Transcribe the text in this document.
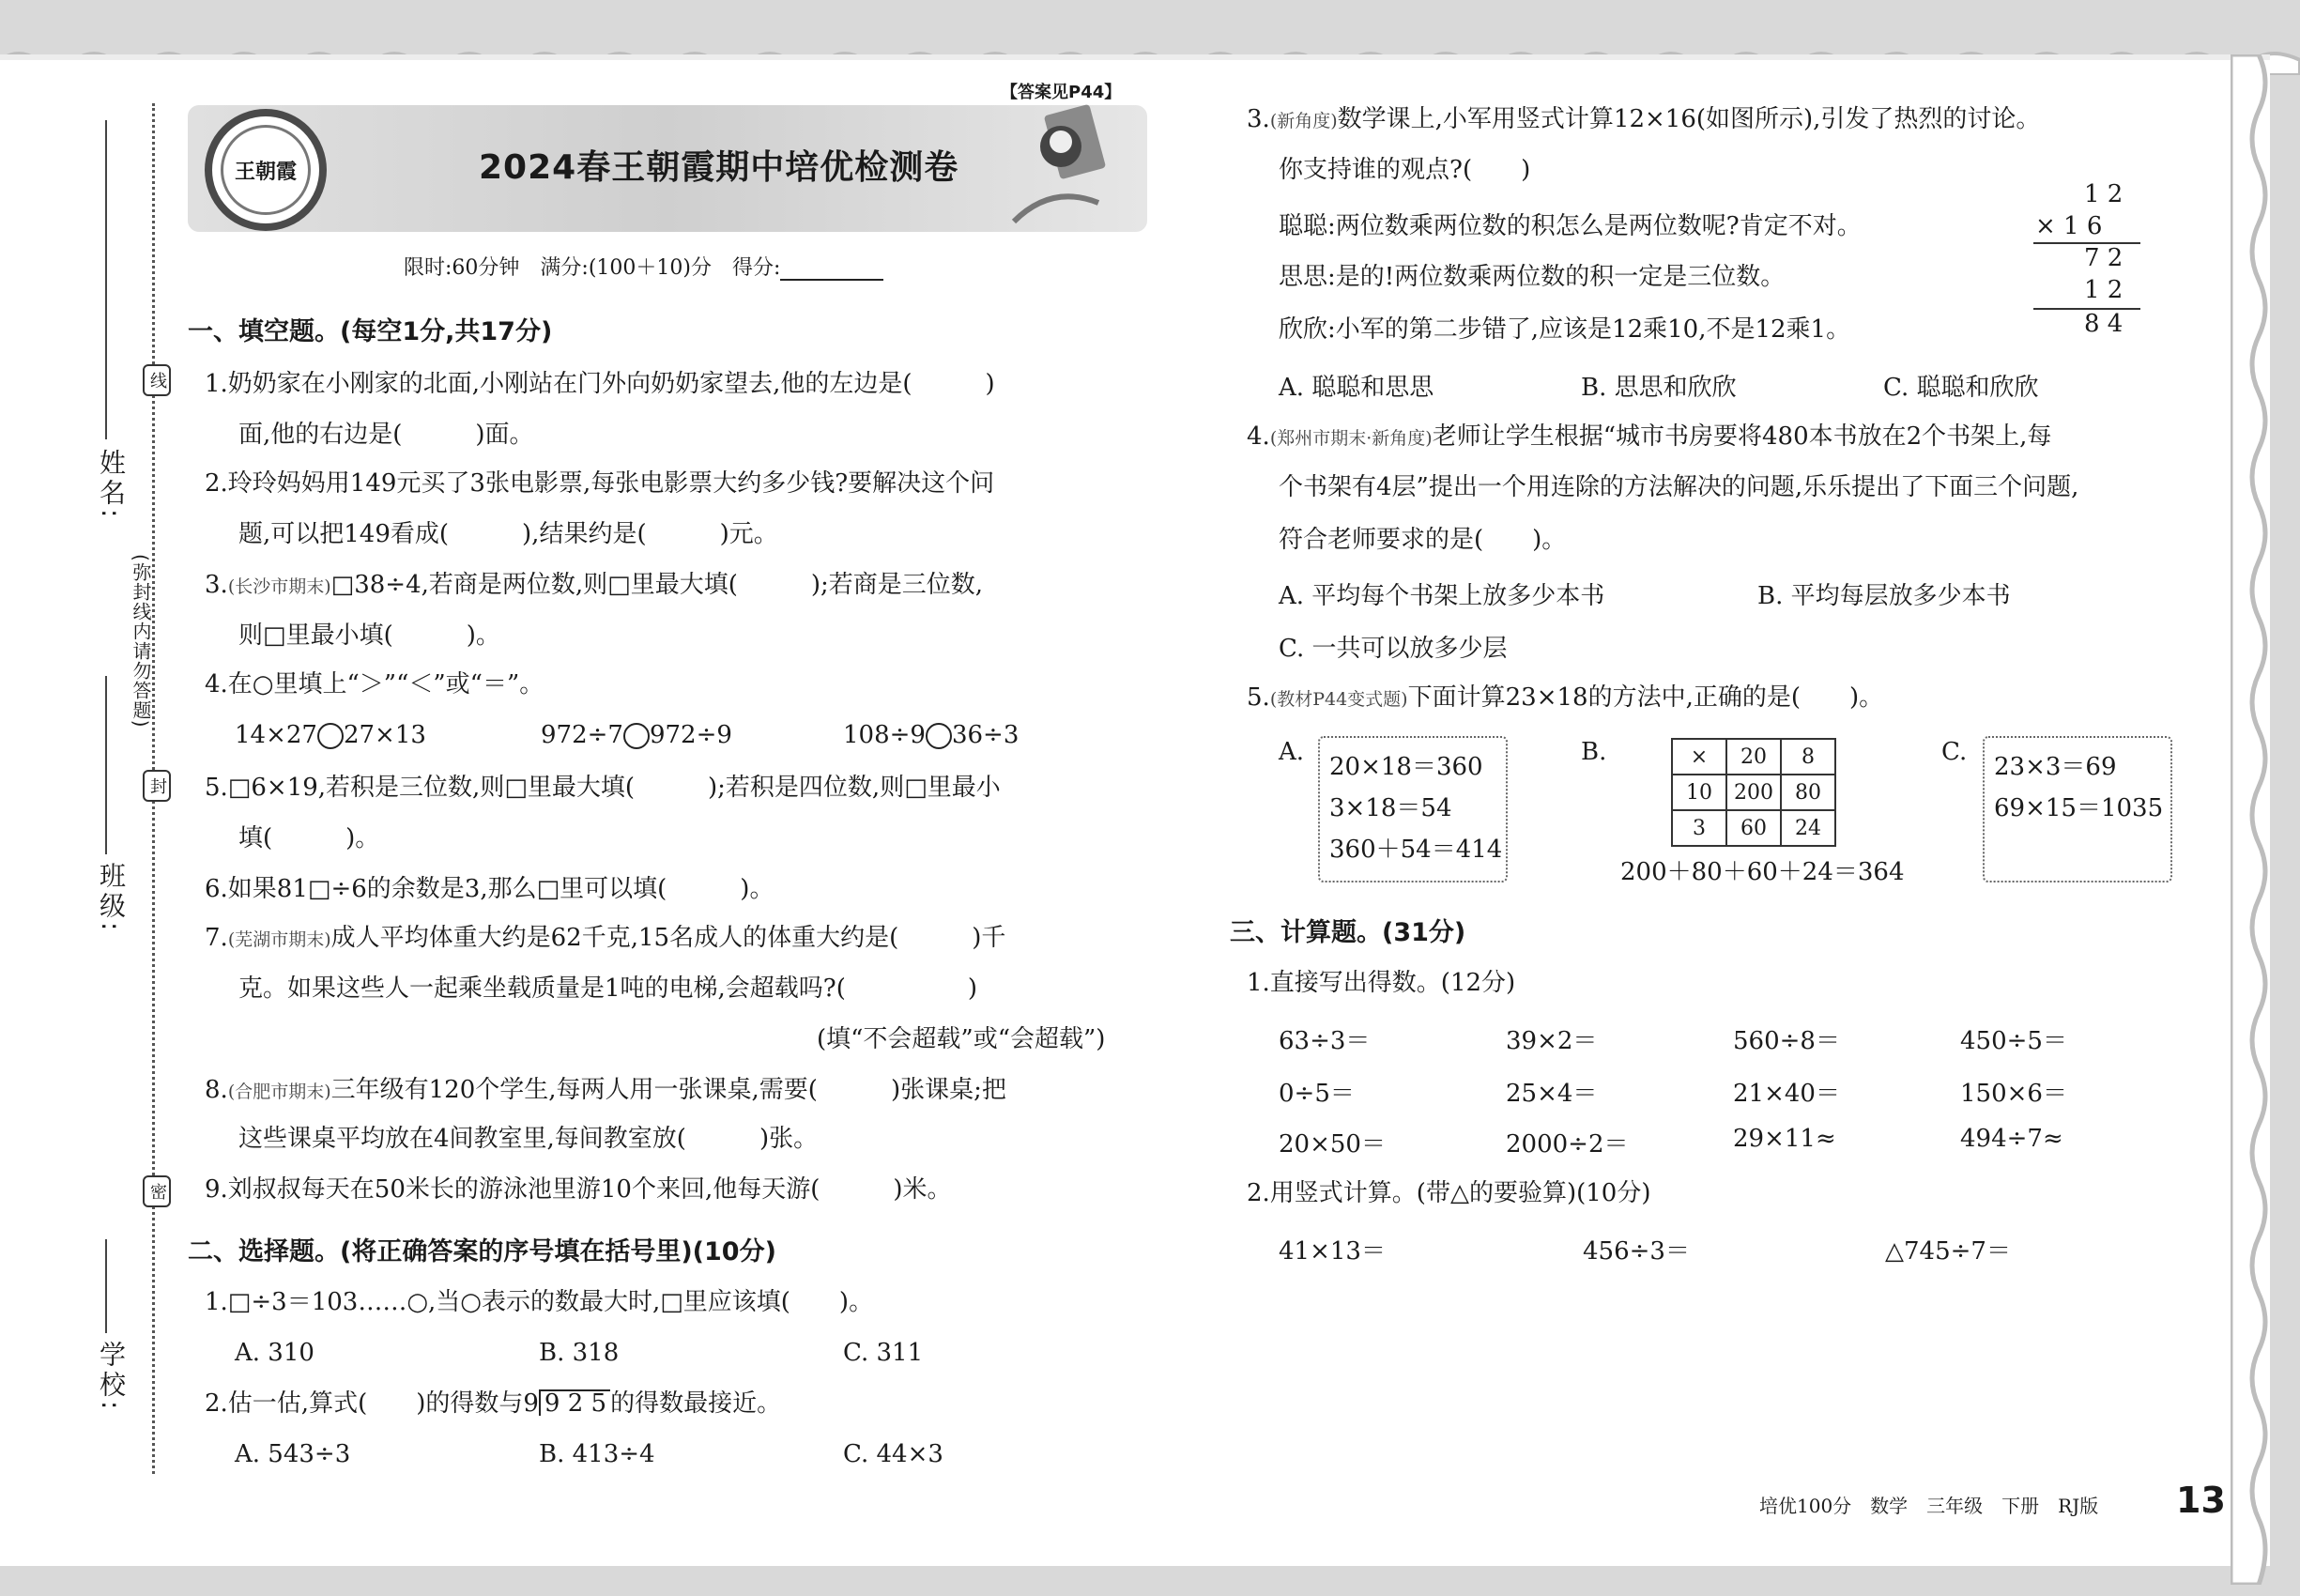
姓名:
班级:
学校:
(弥封线内请勿答题)
线
封
密
王朝霞
【答案见P44】
2024春王朝霞期中培优检测卷
限时:60分钟　满分:(100＋10)分　得分:
一、填空题。(每空1分,共17分)
1.奶奶家在小刚家的北面,小刚站在门外向奶奶家望去,他的左边是(　　　)
面,他的右边是(　　　)面。
2.玲玲妈妈用149元买了3张电影票,每张电影票大约多少钱?要解决这个问
题,可以把149看成(　　　),结果约是(　　　)元。
3.(长沙市期末)□38÷4,若商是两位数,则□里最大填(　　　);若商是三位数,
则□里最小填(　　　)。
4.在○里填上“＞”“＜”或“＝”。
14×27 27×13	972÷7 972÷9	108÷9 36÷3
5.□6×19,若积是三位数,则□里最大填(　　　);若积是四位数,则□里最小
填(　　　)。
6.如果81□÷6的余数是3,那么□里可以填(　　　)。
7.(芜湖市期末)成人平均体重大约是62千克,15名成人的体重大约是(　　　)千
克。如果这些人一起乘坐载质量是1吨的电梯,会超载吗?(　　　　　)
(填“不会超载”或“会超载”)
8.(合肥市期末)三年级有120个学生,每两人用一张课桌,需要(　　　)张课桌;把
这些课桌平均放在4间教室里,每间教室放(　　　)张。
9.刘叔叔每天在50米长的游泳池里游10个来回,他每天游(　　　)米。
二、选择题。(将正确答案的序号填在括号里)(10分)
1.□÷3＝103……○,当○表示的数最大时,□里应该填(　　)。
A. 310	B. 318	C. 311
2.估一估,算式(　　)的得数与9 9 2 5 的得数最接近。
A. 543÷3	B. 413÷4	C. 44×3
3.(新角度)数学课上,小军用竖式计算12×16(如图所示),引发了热烈的讨论。
你支持谁的观点?(　　)
聪聪:两位数乘两位数的积怎么是两位数呢?肯定不对。
思思:是的!两位数乘两位数的积一定是三位数。
欣欣:小军的第二步错了,应该是12乘10,不是12乘1。
1 2
× 1 6
7 2
1 2
8 4
A. 聪聪和思思	B. 思思和欣欣	C. 聪聪和欣欣
4.(郑州市期末·新角度)老师让学生根据“城市书房要将480本书放在2个书架上,每
个书架有4层”提出一个用连除的方法解决的问题,乐乐提出了下面三个问题,
符合老师要求的是(　　)。
A. 平均每个书架上放多少本书	B. 平均每层放多少本书
C. 一共可以放多少层
5.(教材P44变式题)下面计算23×18的方法中,正确的是(　　)。
A.
20×18＝360
3×18＝54
360＋54＝414
B.	×	20	8
10	200	80
3	60	24
200＋80＋60＋24＝364
C.
23×3＝69
69×15＝1035
三、计算题。(31分)
1.直接写出得数。(12分)
63÷3＝	39×2＝	560÷8＝	450÷5＝
0÷5＝	25×4＝	21×40＝	150×6＝
20×50＝	2000÷2＝	29×11≈	494÷7≈
2.用竖式计算。(带△的要验算)(10分)
41×13＝	456÷3＝	△745÷7＝
培优100分　数学　三年级　下册　RJ版 13
